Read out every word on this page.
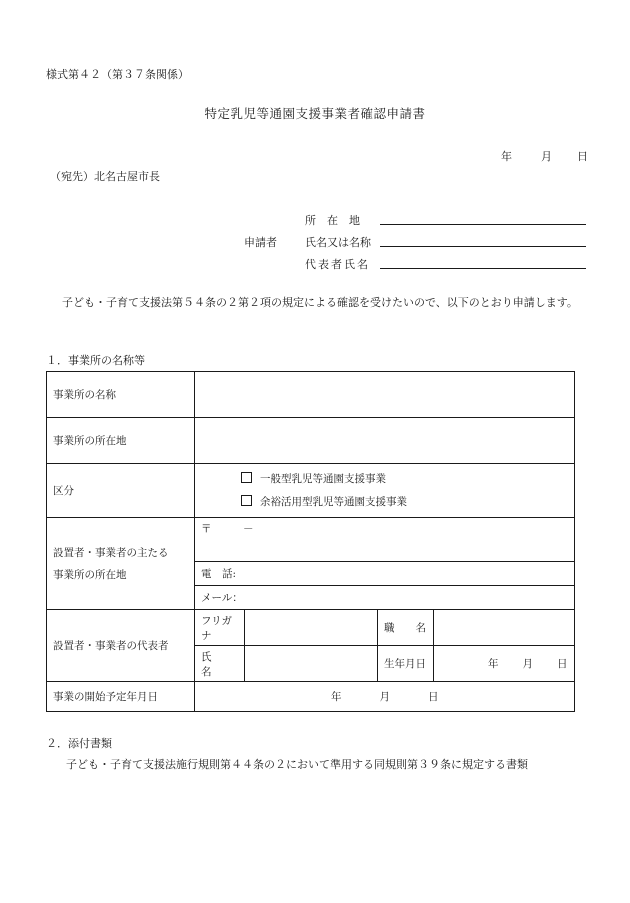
様式第４２（第３７条関係）
特定乳児等通園支援事業者確認申請書
年	月 日
（宛先）北名古屋市長
所　在　地
申請者	氏名又は名称
代表者氏名
子ども・子育て支援法第５４条の２第２項の規定による確認を受けたいので、以下のとおり申請します。
１．事業所の名称等
事業所の名称				
事業所の所在地				
区分	一般型乳児等通園支援事業
余裕活用型乳児等通園支援事業			

設置者・事業者の主たる
事業所の所在地	〒　　　－			
	電　話:			
	メール：			
設置者・事業者の代表者	フリガナ		職　　名	
	氏　　名		生年月日	年 月 日
事業の開始予定年月日	年 月 日			
２．添付書類
子ども・子育て支援法施行規則第４４条の２において準用する同規則第３９条に規定する書類
